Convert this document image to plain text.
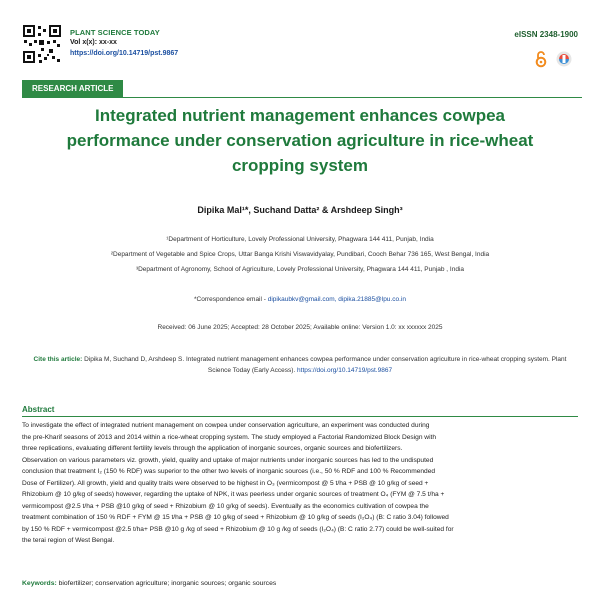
PLANT SCIENCE TODAY
Vol x(x): xx-xx
https://doi.org/10.14719/pst.9867
eISSN 2348-1900
RESEARCH ARTICLE
Integrated nutrient management enhances cowpea
performance under conservation agriculture in rice-wheat
cropping system
Dipika Mal¹*, Suchand Datta² & Arshdeep Singh³
¹Department of Horticulture, Lovely Professional University, Phagwara 144 411, Punjab, India
²Department of Vegetable and Spice Crops, Uttar Banga Krishi Viswavidyalay, Pundibari, Cooch Behar 736 165, West Bengal, India
³Department of Agronomy, School of Agriculture, Lovely Professional University, Phagwara 144 411, Punjab , India
*Correspondence email - dipikaubkv@gmail.com, dipika.21885@lpu.co.in
Received: 06 June 2025; Accepted: 28 October 2025; Available online: Version 1.0: xx xxxxxx 2025
Cite this article: Dipika M, Suchand D, Arshdeep S. Integrated nutrient management enhances cowpea performance under conservation agriculture in rice-wheat cropping system. Plant Science Today (Early Access). https://doi.org/10.14719/pst.9867
Abstract

To investigate the effect of integrated nutrient management on cowpea under conservation agriculture, an experiment was conducted during

the pre-Kharif seasons of 2013 and 2014 within a rice-wheat cropping system. The study employed a Factorial Randomized Block Design with

three replications, evaluating different fertility levels through the application of inorganic sources, organic sources and biofertilizers.

Observation on various parameters viz. growth, yield, quality and uptake of major nutrients under inorganic sources has led to the undisputed

conclusion that treatment I₂ (150 % RDF) was superior to the other two levels of inorganic sources (i.e., 50 % RDF and 100 % Recommended

Dose of Fertilizer). All growth, yield and quality traits were observed to be highest in O₃ (vermicompost @ 5 t/ha + PSB @ 10 g/kg of seed +

Rhizobium @ 10 g/kg of seeds) however, regarding the uptake of NPK, it was peerless under organic sources of treatment O₄ (FYM @ 7.5 t/ha +

vermicompost @2.5 t/ha + PSB @10 g/kg of seed + Rhizobium @ 10 g/kg of seeds). Eventually as the economics cultivation of cowpea the

treatment combination of 150 % RDF + FYM @ 15 t/ha + PSB @ 10 g/kg of seed + Rhizobium @ 10 g/kg of seeds (I₂O₄) (B: C ratio 3.04) followed

by 150 % RDF + vermicompost @2.5 t/ha+ PSB @10 g /kg of seed + Rhizobium @ 10 g /kg of seeds (I₂O₄) (B: C ratio 2.77) could be well-suited for

the terai region of West Bengal.

Keywords: biofertilizer; conservation agriculture; inorganic sources; organic sources
